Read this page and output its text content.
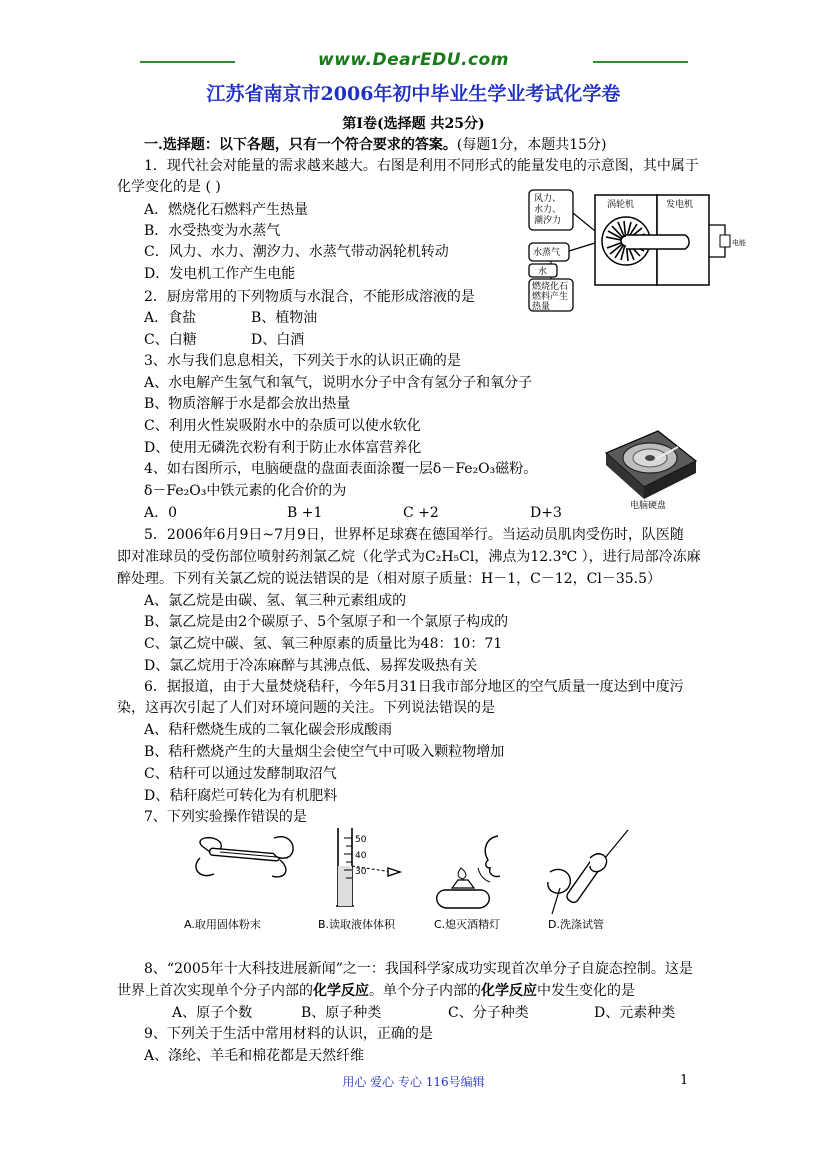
www.DearEDU.com
江苏省南京市2006年初中毕业生学业考试化学卷
第Ⅰ卷(选择题 共25分)
一.选择题：以下各题，只有一个符合要求的答案。(每题1分，本题共15分)
1．现代社会对能量的需求越来越大。右图是利用不同形式的能量发电的示意图，其中属于
化学变化的是 ( )
A．燃烧化石燃料产生热量
B．水受热变为水蒸气
C．风力、水力、潮汐力、水蒸气带动涡轮机转动
D．发电机工作产生电能
风力、
水力、
潮汐力
水蒸气
水
燃烧化石
燃料产生
热量
涡轮机	发电机
电能
2．厨房常用的下列物质与水混合，不能形成溶液的是
A．食盐	B、植物油
C、白糖	D、白酒
3、水与我们息息相关，下列关于水的认识正确的是
A、水电解产生氢气和氧气，说明水分子中含有氢分子和氧分子
B、物质溶解于水是都会放出热量
C、利用火性炭吸附水中的杂质可以使水软化
D、使用无磷洗衣粉有利于防止水体富营养化
电脑硬盘
4、如右图所示，电脑硬盘的盘面表面涂覆一层δ－Fe₂O₃磁粉。
δ－Fe₂O₃中铁元素的化合价的为
A．0	B +1	C +2	D+3
5．2006年6月9日~7月9日，世界杯足球赛在德国举行。当运动员肌肉受伤时，队医随
即对准球员的受伤部位喷射药剂氯乙烷（化学式为C₂H₅Cl，沸点为12.3℃ ），进行局部冷冻麻
醉处理。下列有关氯乙烷的说法错误的是（相对原子质量：H－1，C－12，Cl－35.5）
A、氯乙烷是由碳、氢、氧三种元素组成的
B、氯乙烷是由2个碳原子、5个氢原子和一个氯原子构成的
C、氯乙烷中碳、氢、氧三种原素的质量比为48：10：71
D、氯乙烷用于冷冻麻醉与其沸点低、易挥发吸热有关
6．据报道，由于大量焚烧秸秆，今年5月31日我市部分地区的空气质量一度达到中度污
染，这再次引起了人们对环境问题的关注。下列说法错误的是
A、秸秆燃烧生成的二氧化碳会形成酸雨
B、秸秆燃烧产生的大量烟尘会使空气中可吸入颗粒物增加
C、秸秆可以通过发酵制取沼气
D、秸秆腐烂可转化为有机肥料
7、下列实验操作错误的是
50
40
30
A.取用固体粉末	B.读取液体体积	C.熄灭酒精灯	D.洗涤试管
8、“2005年十大科技进展新闻”之一：我国科学家成功实现首次单分子自旋态控制。这是
世界上首次实现单个分子内部的化学反应。单个分子内部的化学反应中发生变化的是
A、原子个数	B、原子种类	C、分子种类	D、元素种类
9、下列关于生活中常用材料的认识，正确的是
A、涤纶、羊毛和棉花都是天然纤维
用心 爱心 专心 116号编辑	1
